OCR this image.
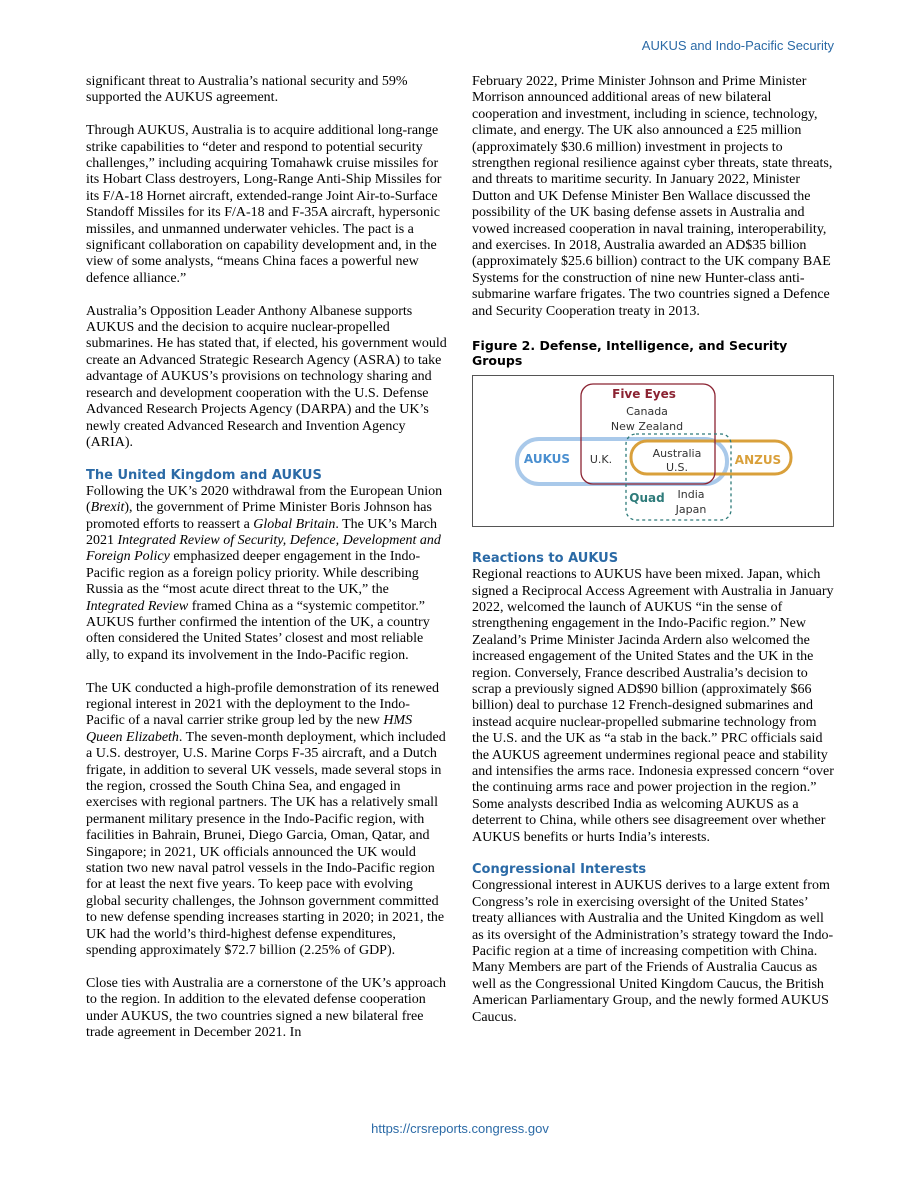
AUKUS and Indo-Pacific Security

significant threat to Australia’s national security and 59% supported the AUKUS agreement.

Through AUKUS, Australia is to acquire additional long-range strike capabilities to “deter and respond to potential security challenges,” including acquiring Tomahawk cruise missiles for its Hobart Class destroyers, Long-Range Anti-Ship Missiles for its F/A-18 Hornet aircraft, extended-range Joint Air-to-Surface Standoff Missiles for its F/A-18 and F-35A aircraft, hypersonic missiles, and unmanned underwater vehicles. The pact is a significant collaboration on capability development and, in the view of some analysts, “means China faces a powerful new defence alliance.”

Australia’s Opposition Leader Anthony Albanese supports AUKUS and the decision to acquire nuclear-propelled submarines. He has stated that, if elected, his government would create an Advanced Strategic Research Agency (ASRA) to take advantage of AUKUS’s provisions on technology sharing and research and development cooperation with the U.S. Defense Advanced Research Projects Agency (DARPA) and the UK’s newly created Advanced Research and Invention Agency (ARIA).

The United Kingdom and AUKUS

Following the UK’s 2020 withdrawal from the European Union (Brexit), the government of Prime Minister Boris Johnson has promoted efforts to reassert a Global Britain. The UK’s March 2021 Integrated Review of Security, Defence, Development and Foreign Policy emphasized deeper engagement in the Indo-Pacific region as a foreign policy priority. While describing Russia as the “most acute direct threat to the UK,” the Integrated Review framed China as a “systemic competitor.” AUKUS further confirmed the intention of the UK, a country often considered the United States’ closest and most reliable ally, to expand its involvement in the Indo-Pacific region.

The UK conducted a high-profile demonstration of its renewed regional interest in 2021 with the deployment to the Indo-Pacific of a naval carrier strike group led by the new HMS Queen Elizabeth. The seven-month deployment, which included a U.S. destroyer, U.S. Marine Corps F-35 aircraft, and a Dutch frigate, in addition to several UK vessels, made several stops in the region, crossed the South China Sea, and engaged in exercises with regional partners. The UK has a relatively small permanent military presence in the Indo-Pacific region, with facilities in Bahrain, Brunei, Diego Garcia, Oman, Qatar, and Singapore; in 2021, UK officials announced the UK would station two new naval patrol vessels in the Indo-Pacific region for at least the next five years. To keep pace with evolving global security challenges, the Johnson government committed to new defense spending increases starting in 2020; in 2021, the UK had the world’s third-highest defense expenditures, spending approximately $72.7 billion (2.25% of GDP).

Close ties with Australia are a cornerstone of the UK’s approach to the region. In addition to the elevated defense cooperation under AUKUS, the two countries signed a new bilateral free trade agreement in December 2021. In

February 2022, Prime Minister Johnson and Prime Minister Morrison announced additional areas of new bilateral cooperation and investment, including in science, technology, climate, and energy. The UK also announced a £25 million (approximately $30.6 million) investment in projects to strengthen regional resilience against cyber threats, state threats, and threats to maritime security. In January 2022, Minister Dutton and UK Defense Minister Ben Wallace discussed the possibility of the UK basing defense assets in Australia and vowed increased cooperation in naval training, interoperability, and exercises. In 2018, Australia awarded an AD$35 billion (approximately $25.6 billion) contract to the UK company BAE Systems for the construction of nine new Hunter-class anti-submarine warfare frigates. The two countries signed a Defence and Security Cooperation treaty in 2013.

Figure 2. Defense, Intelligence, and Security Groups
Five Eyes
Canada
New Zealand
AUKUS U.K.	Australia
U.S.
ANZUS
Quad India
Japan
Reactions to AUKUS

Regional reactions to AUKUS have been mixed. Japan, which signed a Reciprocal Access Agreement with Australia in January 2022, welcomed the launch of AUKUS “in the sense of strengthening engagement in the Indo-Pacific region.” New Zealand’s Prime Minister Jacinda Ardern also welcomed the increased engagement of the United States and the UK in the region. Conversely, France described Australia’s decision to scrap a previously signed AD$90 billion (approximately $66 billion) deal to purchase 12 French-designed submarines and instead acquire nuclear-propelled submarine technology from the U.S. and the UK as “a stab in the back.” PRC officials said the AUKUS agreement undermines regional peace and stability and intensifies the arms race. Indonesia expressed concern “over the continuing arms race and power projection in the region.” Some analysts described India as welcoming AUKUS as a deterrent to China, while others see disagreement over whether AUKUS benefits or hurts India’s interests.

Congressional Interests

Congressional interest in AUKUS derives to a large extent from Congress’s role in exercising oversight of the United States’ treaty alliances with Australia and the United Kingdom as well as its oversight of the Administration’s strategy toward the Indo-Pacific region at a time of increasing competition with China. Many Members are part of the Friends of Australia Caucus as well as the Congressional United Kingdom Caucus, the British American Parliamentary Group, and the newly formed AUKUS Caucus.

https://crsreports.congress.gov
